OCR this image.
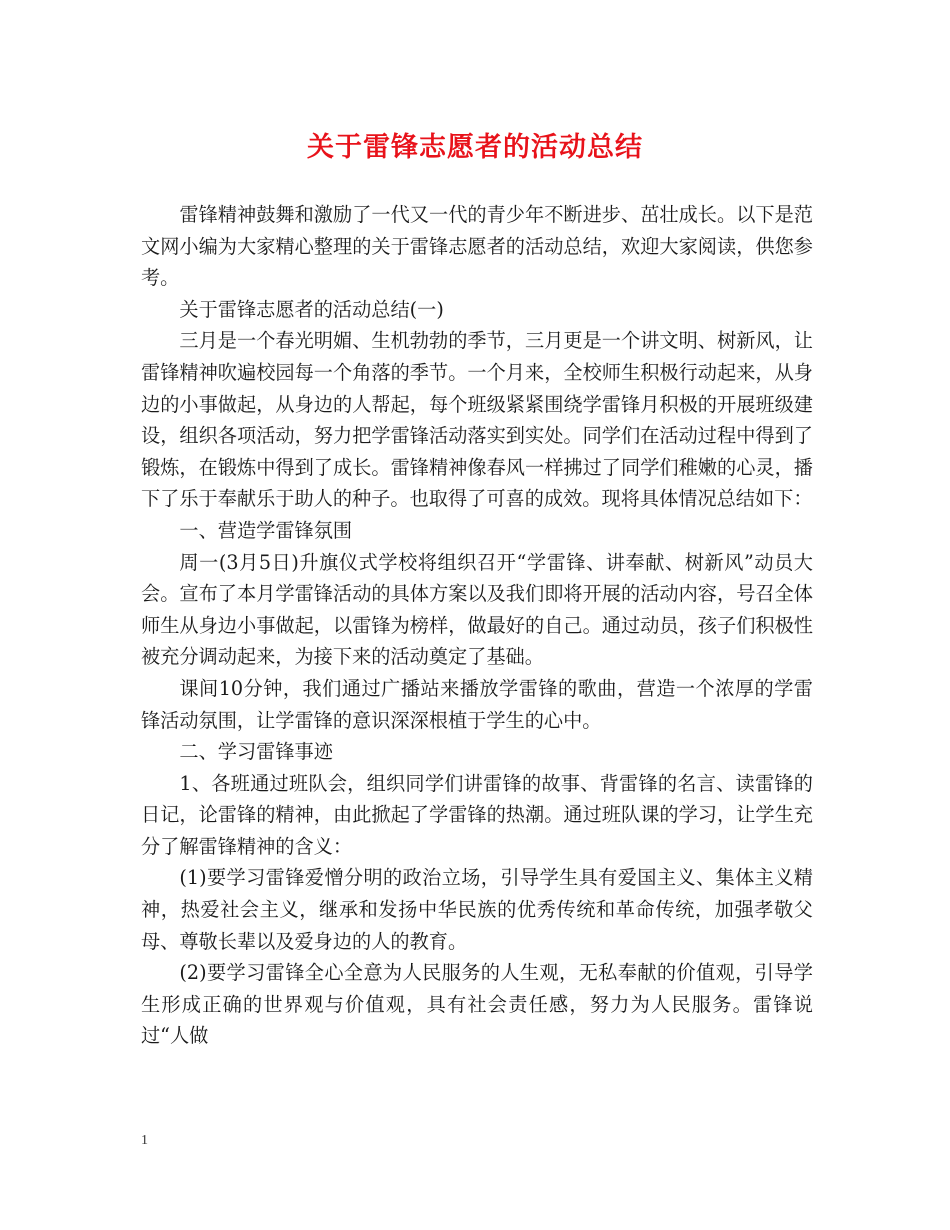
关于雷锋志愿者的活动总结

雷锋精神鼓舞和激励了一代又一代的青少年不断进步、茁壮成长。以下是范文网小编为大家精心整理的关于雷锋志愿者的活动总结，欢迎大家阅读，供您参考。

关于雷锋志愿者的活动总结(一)

三月是一个春光明媚、生机勃勃的季节，三月更是一个讲文明、树新风，让雷锋精神吹遍校园每一个角落的季节。一个月来，全校师生积极行动起来，从身边的小事做起，从身边的人帮起，每个班级紧紧围绕学雷锋月积极的开展班级建设，组织各项活动，努力把学雷锋活动落实到实处。同学们在活动过程中得到了锻炼，在锻炼中得到了成长。雷锋精神像春风一样拂过了同学们稚嫩的心灵，播下了乐于奉献乐于助人的种子。也取得了可喜的成效。现将具体情况总结如下：

一、营造学雷锋氛围

周一(3月5日)升旗仪式学校将组织召开“学雷锋、讲奉献、树新风”动员大会。宣布了本月学雷锋活动的具体方案以及我们即将开展的活动内容，号召全体师生从身边小事做起，以雷锋为榜样，做最好的自己。通过动员，孩子们积极性被充分调动起来，为接下来的活动奠定了基础。

课间10分钟，我们通过广播站来播放学雷锋的歌曲，营造一个浓厚的学雷锋活动氛围，让学雷锋的意识深深根植于学生的心中。

二、学习雷锋事迹

1、各班通过班队会，组织同学们讲雷锋的故事、背雷锋的名言、读雷锋的日记，论雷锋的精神，由此掀起了学雷锋的热潮。通过班队课的学习，让学生充分了解雷锋精神的含义：

(1)要学习雷锋爱憎分明的政治立场，引导学生具有爱国主义、集体主义精神，热爱社会主义，继承和发扬中华民族的优秀传统和革命传统，加强孝敬父母、尊敬长辈以及爱身边的人的教育。

(2)要学习雷锋全心全意为人民服务的人生观，无私奉献的价值观，引导学生形成正确的世界观与价值观，具有社会责任感，努力为人民服务。雷锋说过“人做

1
